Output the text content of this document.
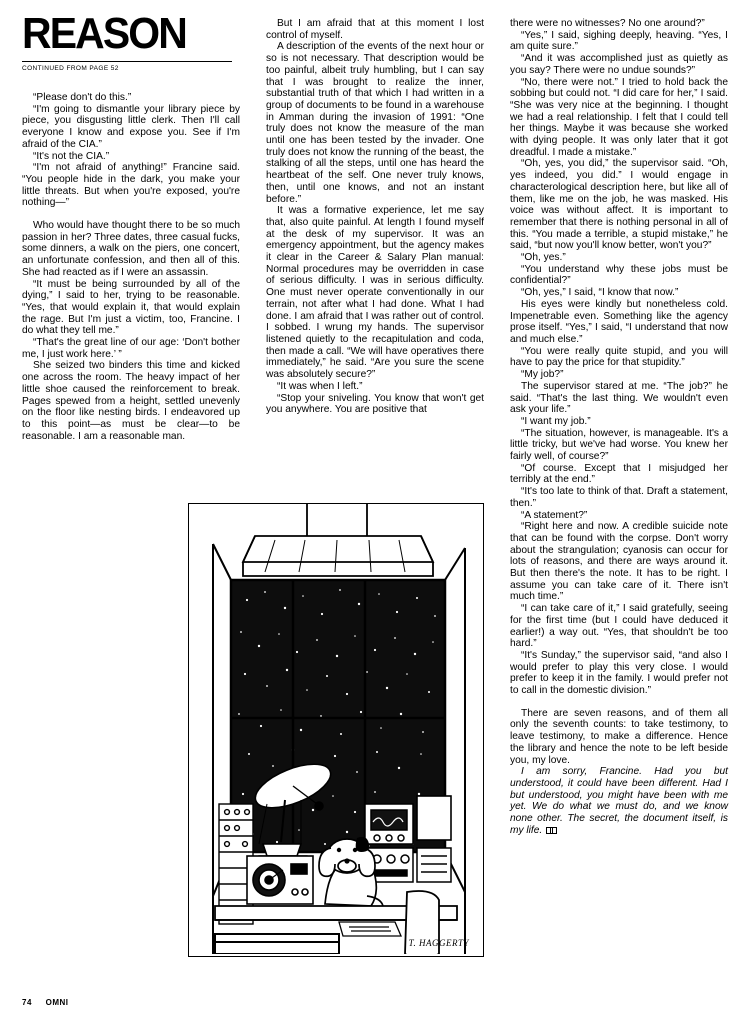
REASON
CONTINUED FROM PAGE 52

“Please don't do this.”

“I'm going to dismantle your library piece by piece, you disgusting little clerk. Then I'll call everyone I know and expose you. See if I'm afraid of the CIA.”

“It's not the CIA.”

“I'm not afraid of anything!” Francine said. “You people hide in the dark, you make your little threats. But when you're exposed, you're nothing—”

Who would have thought there to be so much passion in her? Three dates, three casual fucks, some dinners, a walk on the piers, one concert, an unfortunate confession, and then all of this. She had reacted as if I were an assassin.

“It must be being surrounded by all of the dying,” I said to her, trying to be reasonable. “Yes, that would explain it, that would explain the rage. But I'm just a victim, too, Francine. I do what they tell me.”

“That's the great line of our age: ‘Don't bother me, I just work here.’ ”

She seized two binders this time and kicked one across the room. The heavy impact of her little shoe caused the reinforcement to break. Pages spewed from a height, settled unevenly on the floor like nesting birds. I endeavored up to this point—as must be clear—to be reasonable. I am a reasonable man.

But I am afraid that at this moment I lost control of myself.

A description of the events of the next hour or so is not necessary. That description would be too painful, albeit truly humbling, but I can say that I was brought to realize the inner, substantial truth of that which I had written in a group of documents to be found in a warehouse in Amman during the invasion of 1991: “One truly does not know the measure of the man until one has been tested by the invader. One truly does not know the running of the beast, the stalking of all the steps, until one has heard the heartbeat of the self. One never truly knows, then, until one knows, and not an instant before.”

It was a formative experience, let me say that, also quite painful. At length I found myself at the desk of my supervisor. It was an emergency appointment, but the agency makes it clear in the Career & Salary Plan manual: Normal procedures may be overridden in case of serious difficulty. I was in serious difficulty. One must never operate conventionally in our terrain, not after what I had done. What I had done. I am afraid that I was rather out of control. I sobbed. I wrung my hands. The supervisor listened quietly to the recapitulation and coda, then made a call. “We will have operatives there immediately,” he said. “Are you sure the scene was absolutely secure?”

“It was when I left.”

“Stop your sniveling. You know that won't get you anywhere. You are positive that

there were no witnesses? No one around?”

“Yes,” I said, sighing deeply, heaving. “Yes, I am quite sure.”

“And it was accomplished just as quietly as you say? There were no undue sounds?”

“No, there were not.” I tried to hold back the sobbing but could not. “I did care for her,” I said. “She was very nice at the beginning. I thought we had a real relationship. I felt that I could tell her things. Maybe it was because she worked with dying people. It was only later that it got dreadful. I made a mistake.”

“Oh, yes, you did,” the supervisor said. “Oh, yes indeed, you did.” I would engage in characterological description here, but like all of them, like me on the job, he was masked. His voice was without affect. It is important to remember that there is nothing personal in all of this. “You made a terrible, a stupid mistake,” he said, “but now you'll know better, won't you?”

“Oh, yes.”

“You understand why these jobs must be confidential?”

“Oh, yes,” I said, “I know that now.”

His eyes were kindly but nonetheless cold. Impenetrable even. Something like the agency prose itself. “Yes,” I said, “I understand that now and much else.”

“You were really quite stupid, and you will have to pay the price for that stupidity.”

“My job?”

The supervisor stared at me. “The job?” he said. “That's the last thing. We wouldn't even ask your life.”

“I want my job.”

“The situation, however, is manageable. It's a little tricky, but we've had worse. You knew her fairly well, of course?”

“Of course. Except that I misjudged her terribly at the end.”

“It's too late to think of that. Draft a statement, then.”

“A statement?”

“Right here and now. A credible suicide note that can be found with the corpse. Don't worry about the strangulation; cyanosis can occur for lots of reasons, and there are ways around it. But then there's the note. It has to be right. I assume you can take care of it. There isn't much time.”

“I can take care of it,” I said gratefully, seeing for the first time (but I could have deduced it earlier!) a way out. “Yes, that shouldn't be too hard.”

“It's Sunday,” the supervisor said, “and also I would prefer to play this very close. I would prefer to keep it in the family. I would prefer not to call in the domestic division.”

There are seven reasons, and of them all only the seventh counts: to take testimony, to leave testimony, to make a difference. Hence the library and hence the note to be left beside you, my love.

I am sorry, Francine. Had you but understood, it could have been different. Had I but understood, you might have been with me yet. We do what we must do, and we know none other. The secret, the document itself, is my life.

T. HAGGERTY
74 OMNI
